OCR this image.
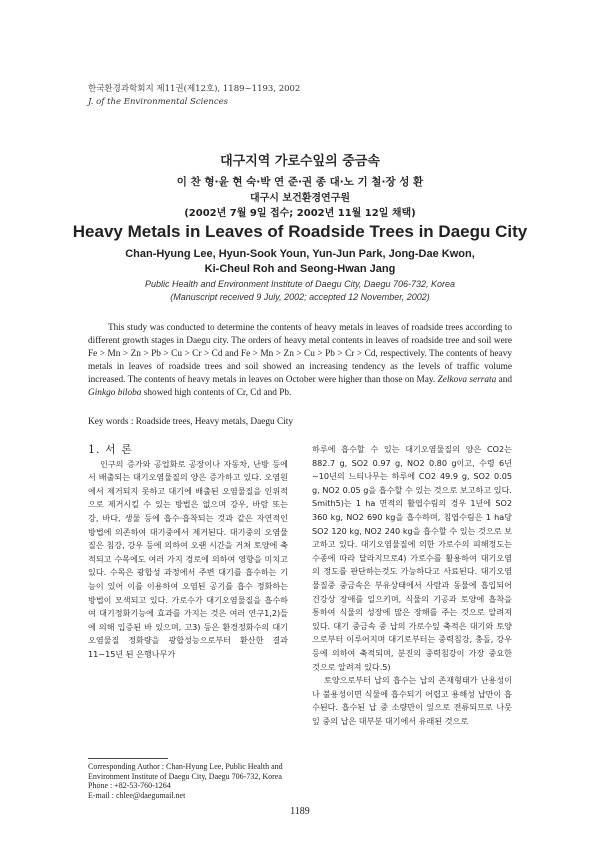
한국환경과학회지 제11권(제12호), 1189~1193, 2002
J. of the Environmental Sciences
대구지역 가로수잎의 중금속
이 찬 형·윤 현 숙·박 연 준·권 종 대·노 기 철·장 성 환
대구시 보건환경연구원
(2002년 7월 9일 접수; 2002년 11월 12일 채택)
Heavy Metals in Leaves of Roadside Trees in Daegu City
Chan-Hyung Lee, Hyun-Sook Youn, Yun-Jun Park, Jong-Dae Kwon,
Ki-Cheul Roh and Seong-Hwan Jang
Public Health and Environment Institute of Daegu City, Daegu 706-732, Korea
(Manuscript received 9 July, 2002; accepted 12 November, 2002)

This study was conducted to determine the contents of heavy metals in leaves of roadside trees according to different growth stages in Daegu city. The orders of heavy metal contents in leaves of roadside tree and soil were Fe > Mn > Zn > Pb > Cu > Cr > Cd and Fe > Mn > Zn > Cu > Pb > Cr > Cd, respectively. The contents of heavy metals in leaves of roadside trees and soil showed an increasing tendency as the levels of traffic volume increased. The contents of heavy metals in leaves on October were higher than those on May. Zelkova serrata and Ginkgo biloba showed high contents of Cr, Cd and Pb.

Key words : Roadside trees, Heavy metals, Daegu City
1. 서 론

인구의 증가와 공업화로 공장이나 자동차, 난방 등에서 배출되는 대기오염물질의 양은 증가하고 있다. 오염원에서 제거되지 못하고 대기에 배출된 오염물질을 인위적으로 제거시킬 수 있는 방법은 없으며 강우, 바람 또는 강, 바다, 생물 등에 흡수·흡착되는 것과 같은 자연적인 방법에 의존하여 대기중에서 제거된다. 대기중의 오염물질은 침강, 강우 등에 의하여 오랜 시간을 거쳐 토양에 축적되고 수목에도 여러 가지 경로에 의하여 영향을 미치고 있다. 수목은 광합성 과정에서 주변 대기를 흡수하는 기능이 있어 이를 이용하여 오염된 공기를 흡수 정화하는 방법이 모색되고 있다. 가로수가 대기오염물질을 흡수하여 대기정화기능에 효과를 가지는 것은 여러 연구1,2)들에 의해 입증된 바 있으며, 고3) 등은 환경정화수의 대기오염물질 정화량을 광합성능으로부터 환산한 결과 11~15년 된 은행나무가

하루에 흡수할 수 있는 대기오염물질의 양은 CO2는 882.7 g, SO2 0.97 g, NO2 0.80 g이고, 수령 6년~10년의 느티나무는 하루에 CO2 49.9 g, SO2 0.05 g, NO2 0.05 g을 흡수할 수 있는 것으로 보고하고 있다. Smith5)는 1 ha 면적의 활엽수림의 경우 1년에 SO2 360 kg, NO2 690 kg을 흡수하며, 침엽수림은 1 ha당 SO2 120 kg, NO2 240 kg을 흡수할 수 있는 것으로 보고하고 있다. 대기오염물질에 의한 가로수의 피해정도는 수종에 따라 달라지므로4) 가로수를 활용하여 대기오염의 정도를 판단하는것도 가능하다고 사료된다. 대기오염물질중 중금속은 부유상태에서 사람과 동물에 흡입되어 건강상 장애를 일으키며, 식물의 기공과 토양에 흡착을 통하여 식물의 성장에 많은 장해를 주는 것으로 알려져 있다. 대기 중금속 중 납의 가로수잎 축적은 대기와 토양으로부터 이루어지며 대기로부터는 중력침강, 충돌, 강우 등에 의하여 축적되며, 분진의 중력침강이 가장 중요한 것으로 알려져 있다.5)

토양으로부터 납의 흡수는 납의 존재형태가 난용성이나 불용성이면 식물에 흡수되기 어렵고 용해성 납만이 흡수된다. 흡수된 납 중 소량만이 잎으로 전류되므로 나뭇잎 중의 납은 대부분 대기에서 유래된 것으로

Corresponding Author : Chan-Hyung Lee, Public Health and Environment Institute of Daegu City, Daegu 706-732, Korea

Phone : +82-53-760-1264

E-mail : chlee@daegumail.net

1189
